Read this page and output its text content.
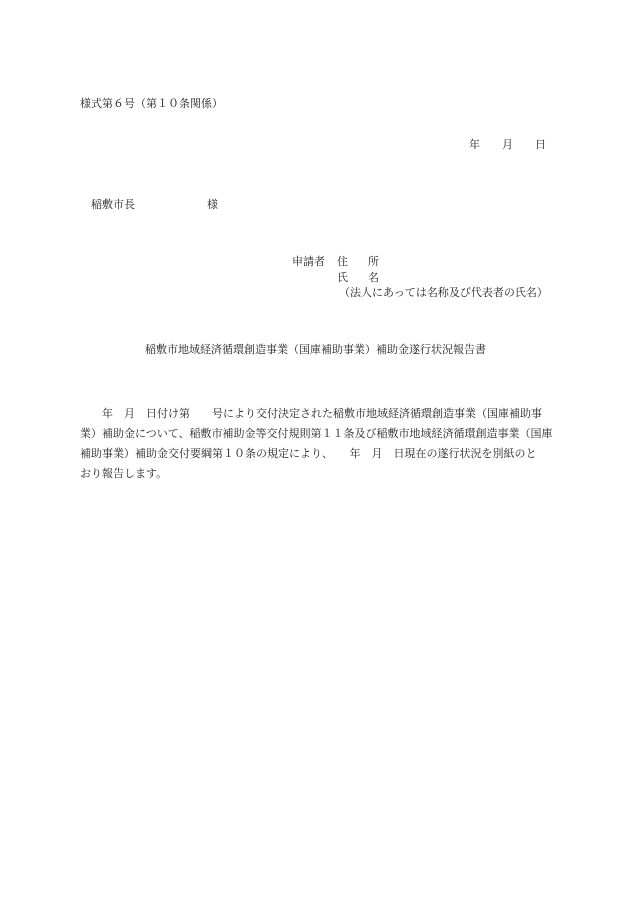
様式第６号（第１０条関係）
年 月 日
稲敷市長	様
申請者 住 所
氏 名
（法人にあっては名称及び代表者の氏名）
稲敷市地域経済循環創造事業（国庫補助事業）補助金遂行状況報告書
　　年　月　日付け第　　号により交付決定された稲敷市地域経済循環創造事業（国庫補助事
業）補助金について、稲敷市補助金等交付規則第１１条及び稲敷市地域経済循環創造事業（国庫
補助事業）補助金交付要綱第１０条の規定により、　　年　月　日現在の遂行状況を別紙のと
おり報告します。
